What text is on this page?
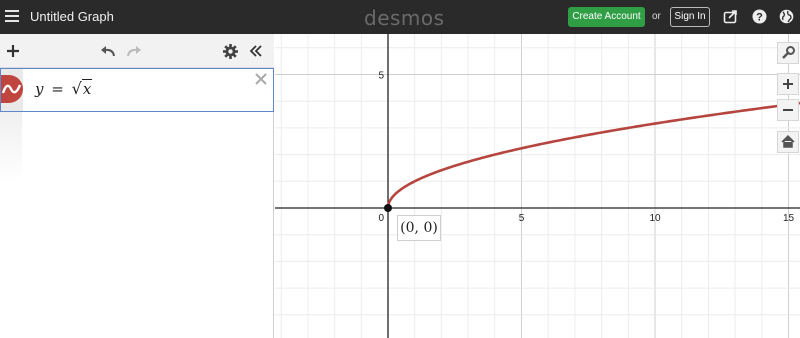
Untitled Graph	desmos	Create Account	or	Sign In	?
y = √x
0	5	10	15
5
(0, 0)
